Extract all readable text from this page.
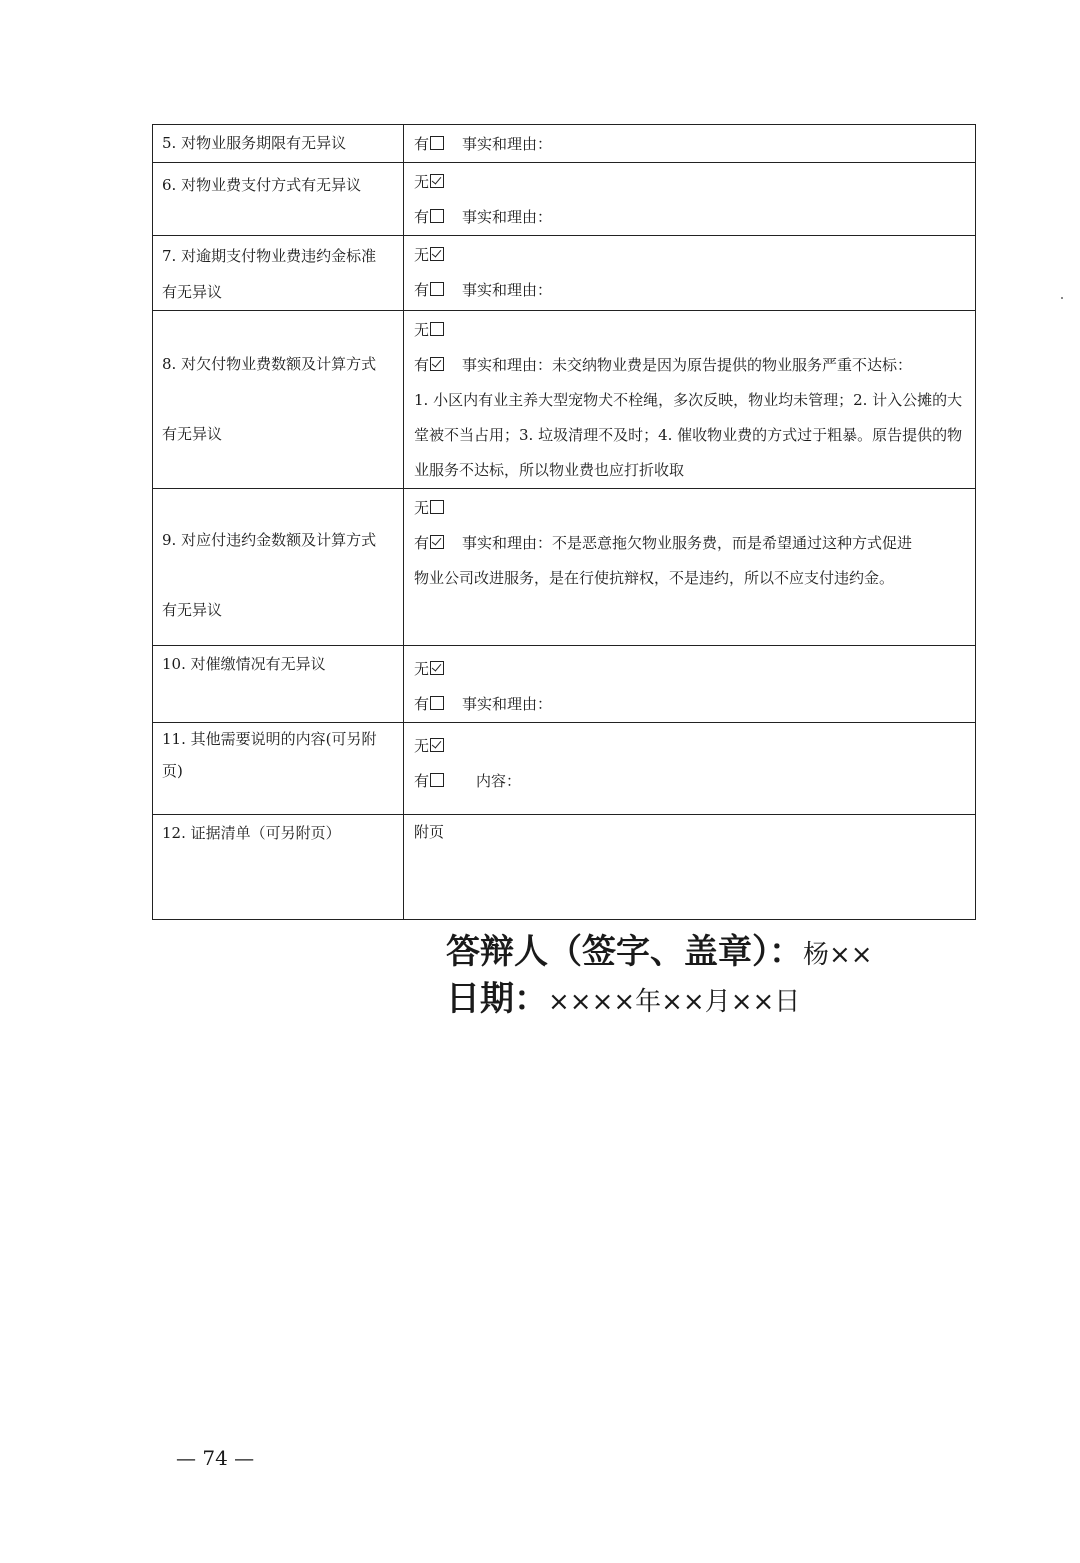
5. 对物业服务期限有无异议	有 事实和理由：

6. 对物业费支付方式有无异议	无
有 事实和理由：

7. 对逾期支付物业费违约金标准
有无异议	无
有 事实和理由：

8. 对欠付物业费数额及计算方式
有无异议	无
有 事实和理由：未交纳物业费是因为原告提供的物业服务严重不达标：
1. 小区内有业主养大型宠物犬不栓绳，多次反映，物业均未管理；2. 计入公摊的大堂被不当占用；3. 垃圾清理不及时；4. 催收物业费的方式过于粗暴。原告提供的物业服务不达标，所以物业费也应打折收取

9. 对应付违约金数额及计算方式
有无异议	无
有 事实和理由：不是恶意拖欠物业服务费，而是希望通过这种方式促进
物业公司改进服务，是在行使抗辩权，不是违约，所以不应支付违约金。

10. 对催缴情况有无异议	无
有 事实和理由：

11. 其他需要说明的内容(可另附
页)	无
有 内容：

12. 证据清单（可另附页）	附页
答辩人（签字、盖章）：杨××
日期：××××年××月××日
— 74 —
